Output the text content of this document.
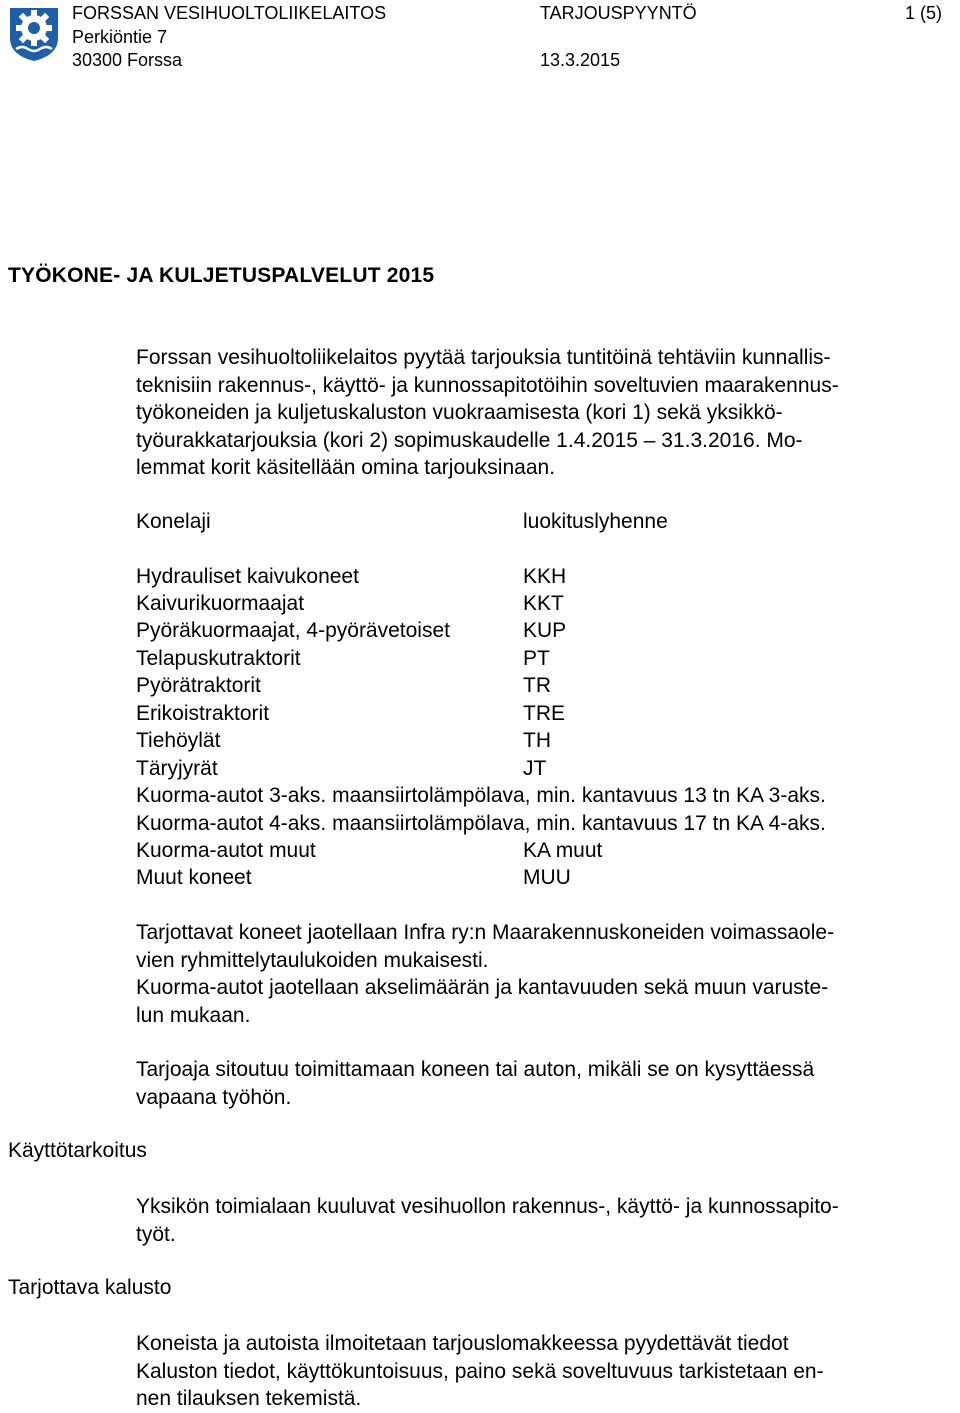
FORSSAN VESIHUOLTOLIIKELAITOS
Perkiöntie 7
30300 Forssa
TARJOUSPYYNTÖ
13.3.2015
1 (5)
TYÖKONE- JA KULJETUSPALVELUT 2015
Forssan vesihuoltoliikelaitos pyytää tarjouksia tuntitöinä tehtäviin kunnallis-
teknisiin rakennus-, käyttö- ja kunnossapitotöihin soveltuvien maarakennus-
työkoneiden ja kuljetuskaluston vuokraamisesta (kori 1) sekä yksikkö-
työurakkatarjouksia (kori 2) sopimuskaudelle 1.4.2015 – 31.3.2016. Mo-
lemmat korit käsitellään omina tarjouksinaan.
Konelaji	luokituslyhenne
Hydrauliset kaivukoneet	KKH
Kaivurikuormaajat	KKT
Pyöräkuormaajat, 4-pyörävetoiset	KUP
Telapuskutraktorit	PT
Pyörätraktorit	TR
Erikoistraktorit	TRE
Tiehöylät	TH
Täryjyrät	JT
Kuorma-autot 3-aks. maansiirtolämpölava, min. kantavuus 13 tn KA 3-aks.
Kuorma-autot 4-aks. maansiirtolämpölava, min. kantavuus 17 tn KA 4-aks.
Kuorma-autot muut	KA muut
Muut koneet	MUU
Tarjottavat koneet jaotellaan Infra ry:n Maarakennuskoneiden voimassaole-
vien ryhmittelytaulukoiden mukaisesti.
Kuorma-autot jaotellaan akselimäärän ja kantavuuden sekä muun varuste-
lun mukaan.
Tarjoaja sitoutuu toimittamaan koneen tai auton, mikäli se on kysyttäessä
vapaana työhön.
Käyttötarkoitus
Yksikön toimialaan kuuluvat vesihuollon rakennus-, käyttö- ja kunnossapito-
työt.
Tarjottava kalusto
Koneista ja autoista ilmoitetaan tarjouslomakkeessa pyydettävät tiedot
Kaluston tiedot, käyttökuntoisuus, paino sekä soveltuvuus tarkistetaan en-
nen tilauksen tekemistä.
